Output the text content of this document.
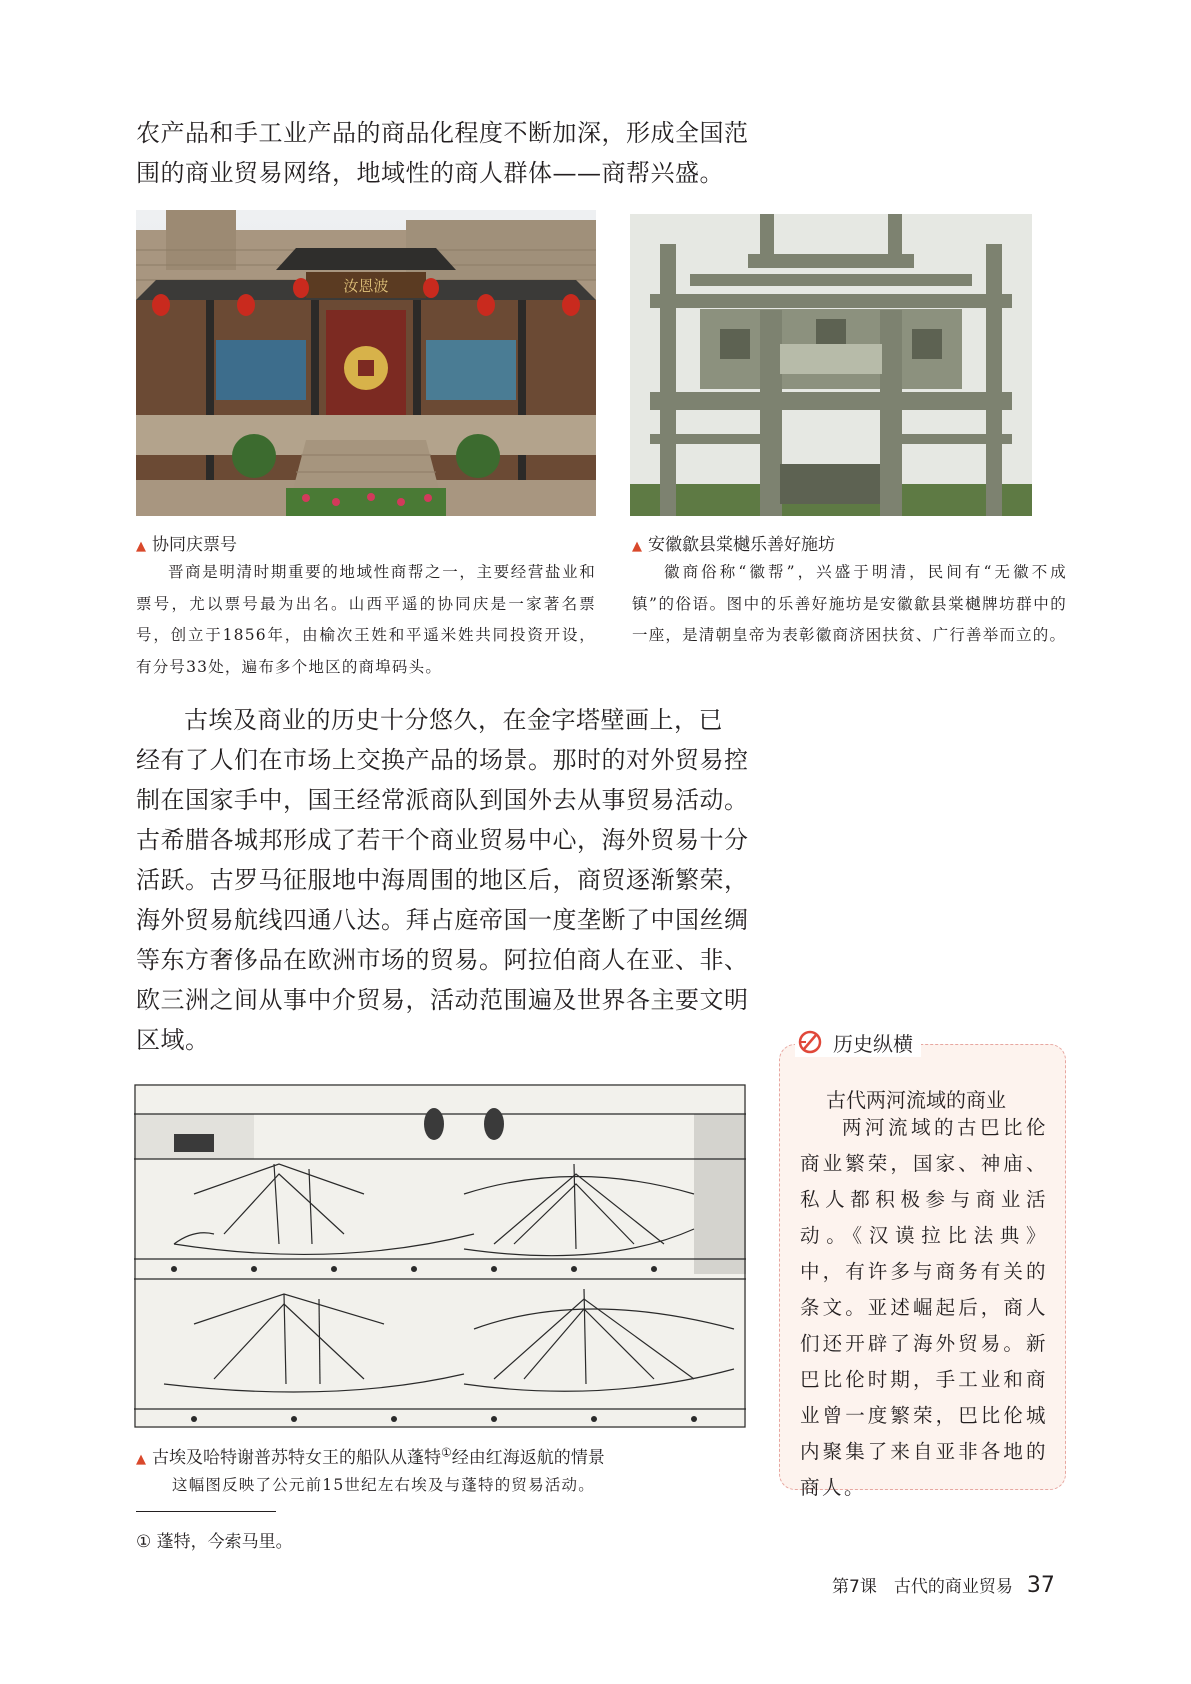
农产品和手工业产品的商品化程度不断加深，形成全国范

围的商业贸易网络，地域性的商人群体——商帮兴盛。

汝恩波
▲ 协同庆票号
晋商是明清时期重要的地域性商帮之一，主要经营盐业和票号，尤以票号最为出名。山西平遥的协同庆是一家著名票号，创立于1856年，由榆次王姓和平遥米姓共同投资开设，有分号33处，遍布多个地区的商埠码头。
▲ 安徽歙县棠樾乐善好施坊
徽商俗称“徽帮”，兴盛于明清，民间有“无徽不成镇”的俗语。图中的乐善好施坊是安徽歙县棠樾牌坊群中的一座，是清朝皇帝为表彰徽商济困扶贫、广行善举而立的。

古埃及商业的历史十分悠久，在金字塔壁画上，已

经有了人们在市场上交换产品的场景。那时的对外贸易控

制在国家手中，国王经常派商队到国外去从事贸易活动。

古希腊各城邦形成了若干个商业贸易中心，海外贸易十分

活跃。古罗马征服地中海周围的地区后，商贸逐渐繁荣，

海外贸易航线四通八达。拜占庭帝国一度垄断了中国丝绸

等东方奢侈品在欧洲市场的贸易。阿拉伯商人在亚、非、

欧三洲之间从事中介贸易，活动范围遍及世界各主要文明

区域。

▲ 古埃及哈特谢普苏特女王的船队从蓬特①经由红海返航的情景
这幅图反映了公元前15世纪左右埃及与蓬特的贸易活动。
历史纵横
古代两河流域的商业
两河流域的古巴比伦商业繁荣，国家、神庙、私人都积极参与商业活动。《汉谟拉比法典》中，有许多与商务有关的条文。亚述崛起后，商人们还开辟了海外贸易。新巴比伦时期，手工业和商业曾一度繁荣，巴比伦城内聚集了来自亚非各地的商人。
① 蓬特，今索马里。
第7课　古代的商业贸易 37
